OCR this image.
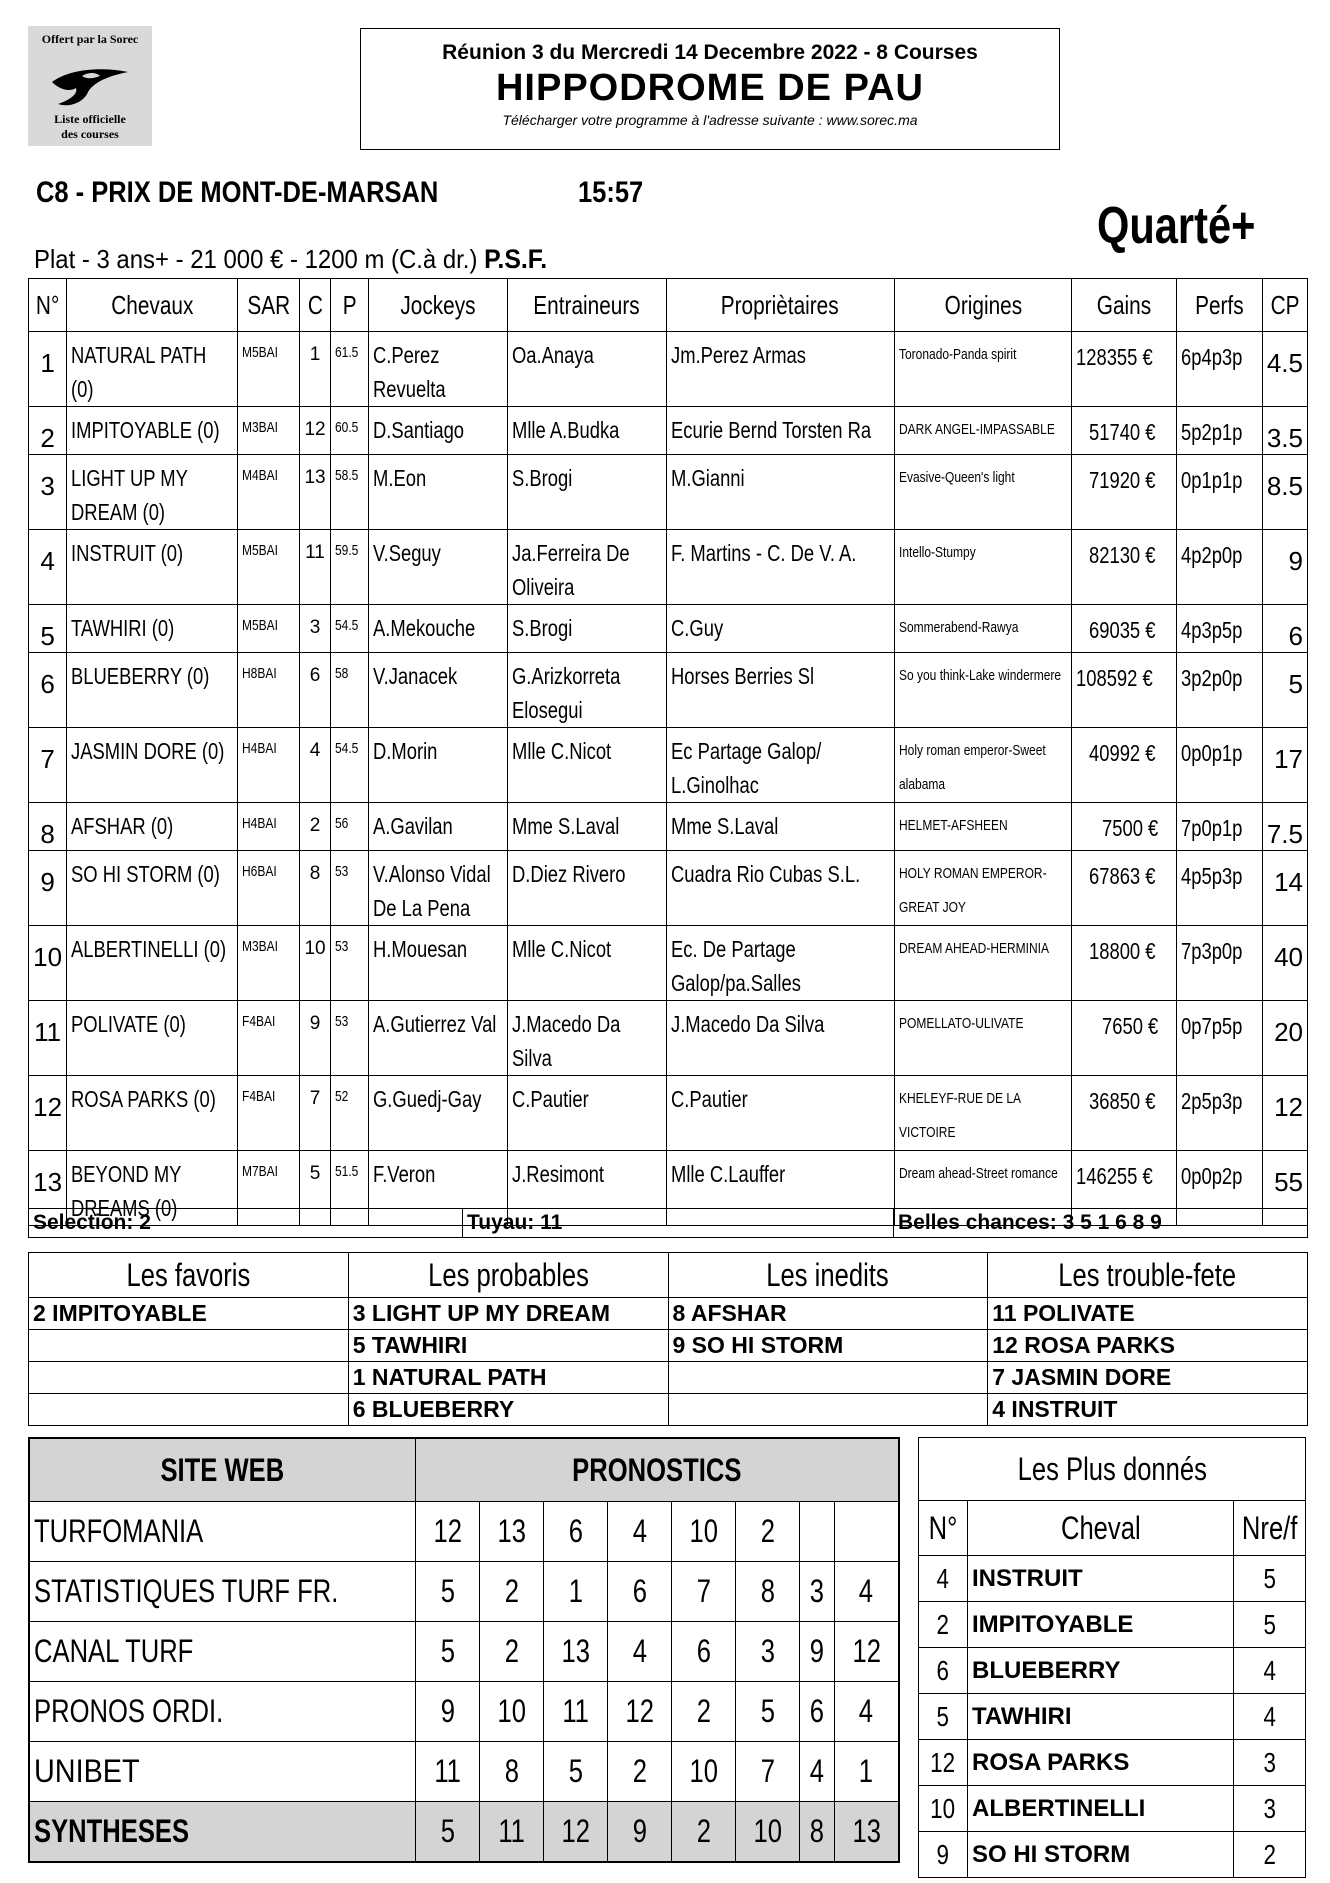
Offert par la Sorec
Liste officielle
des courses
Réunion 3 du Mercredi 14 Decembre 2022 - 8 Courses
HIPPODROME DE PAU
Télécharger votre programme à l'adresse suivante : www.sorec.ma
C8 - PRIX DE MONT-DE-MARSAN	15:57
Quarté+
Plat - 3 ans+ - 21 000 € - 1200 m (C.à dr.) P.S.F.
N°	Chevaux	SAR	C	P	Jockeys	Entraineurs	Propriètaires	Origines	Gains	Perfs	CP
1	NATURAL PATH (0)	M5BAI	1	61.5	C.Perez Revuelta	Oa.Anaya	Jm.Perez Armas	Toronado-Panda spirit	128355 €	6p4p3p	4.5
2	IMPITOYABLE (0)	M3BAI	12	60.5	D.Santiago	Mlle A.Budka	Ecurie Bernd Torsten Ra	DARK ANGEL-IMPASSABLE	51740 €	5p2p1p	3.5
3	LIGHT UP MY DREAM (0)	M4BAI	13	58.5	M.Eon	S.Brogi	M.Gianni	Evasive-Queen's light	71920 €	0p1p1p	8.5
4	INSTRUIT (0)	M5BAI	11	59.5	V.Seguy	Ja.Ferreira De Oliveira	F. Martins - C. De V. A.	Intello-Stumpy	82130 €	4p2p0p	9
5	TAWHIRI (0)	M5BAI	3	54.5	A.Mekouche	S.Brogi	C.Guy	Sommerabend-Rawya	69035 €	4p3p5p	6
6	BLUEBERRY (0)	H8BAI	6	58	V.Janacek	G.Arizkorreta Elosegui	Horses Berries Sl	So you think-Lake windermere	108592 €	3p2p0p	5
7	JASMIN DORE (0)	H4BAI	4	54.5	D.Morin	Mlle C.Nicot	Ec Partage Galop/ L.Ginolhac	Holy roman emperor-Sweet alabama	40992 €	0p0p1p	17
8	AFSHAR (0)	H4BAI	2	56	A.Gavilan	Mme S.Laval	Mme S.Laval	HELMET-AFSHEEN	7500 €	7p0p1p	7.5
9	SO HI STORM (0)	H6BAI	8	53	V.Alonso Vidal De La Pena	D.Diez Rivero	Cuadra Rio Cubas S.L.	HOLY ROMAN EMPEROR-GREAT JOY	67863 €	4p5p3p	14
10	ALBERTINELLI (0)	M3BAI	10	53	H.Mouesan	Mlle C.Nicot	Ec. De Partage Galop/pa.Salles	DREAM AHEAD-HERMINIA	18800 €	7p3p0p	40
11	POLIVATE (0)	F4BAI	9	53	A.Gutierrez Val	J.Macedo Da Silva	J.Macedo Da Silva	POMELLATO-ULIVATE	7650 €	0p7p5p	20
12	ROSA PARKS (0)	F4BAI	7	52	G.Guedj-Gay	C.Pautier	C.Pautier	KHELEYF-RUE DE LA VICTOIRE	36850 €	2p5p3p	12
13	BEYOND MY DREAMS (0)	M7BAI	5	51.5	F.Veron	J.Resimont	Mlle C.Lauffer	Dream ahead-Street romance	146255 €	0p0p2p	55
Selection: 2	Tuyau: 11	Belles chances: 3 5 1 6 8 9
Les favoris	Les probables	Les inedits	Les trouble-fete
2 IMPITOYABLE	3 LIGHT UP MY DREAM	8 AFSHAR	11 POLIVATE
	5 TAWHIRI	9 SO HI STORM	12 ROSA PARKS
	1 NATURAL PATH		7 JASMIN DORE
	6 BLUEBERRY		4 INSTRUIT
SITE WEB	PRONOSTICS							
TURFOMANIA	12	13	6	4	10	2		
STATISTIQUES TURF FR.	5	2	1	6	7	8	3	4
CANAL TURF	5	2	13	4	6	3	9	12
PRONOS ORDI.	9	10	11	12	2	5	6	4
UNIBET	11	8	5	2	10	7	4	1
SYNTHESES	5	11	12	9	2	10	8	13
Les Plus donnés		
N°	Cheval	Nre/f
4	INSTRUIT	5
2	IMPITOYABLE	5
6	BLUEBERRY	4
5	TAWHIRI	4
12	ROSA PARKS	3
10	ALBERTINELLI	3
9	SO HI STORM	2
